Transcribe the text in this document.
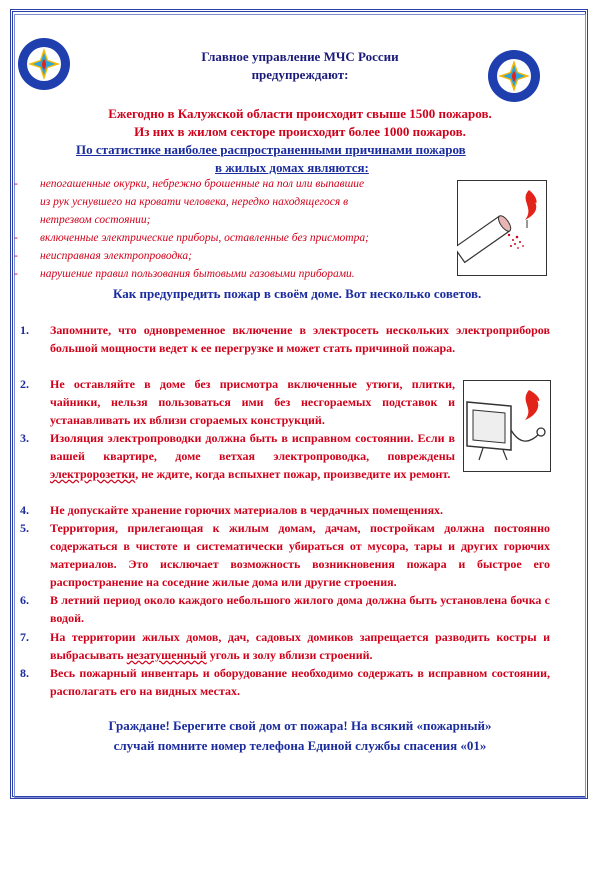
Главное управление МЧС России
предупреждают:
Ежегодно в Калужской области происходит свыше 1500 пожаров.
Из них в жилом секторе происходит более 1000 пожаров.
По статистике наиболее распространенными причинами пожаров
в жилых домах являются:
- непогашенные окурки, небрежно брошенные на пол или выпавшие
из рук уснувшего на кровати человека, нередко находящегося в
нетрезвом состоянии;
- включенные электрические приборы, оставленные без присмотра;
- неисправная электропроводка;
- нарушение правил пользования бытовыми газовыми приборами.
Как предупредить пожар в своём доме. Вот несколько советов.
1. Запомните, что одновременное включение в электросеть нескольких электроприборов большой мощности ведет к ее перегрузке и может стать причиной пожара.
2. Не оставляйте в доме без присмотра включенные утюги, плитки, чайники, нельзя пользоваться ими без несгораемых подставок и устанавливать их вблизи сгораемых конструкций.
3. Изоляция электропроводки должна быть в исправном состоянии. Если в вашей квартире, доме ветхая электропроводка, повреждены электророзетки, не ждите, когда вспыхнет пожар, произведите их ремонт.
4. Не допускайте хранение горючих материалов в чердачных помещениях.
5. Территория, прилегающая к жилым домам, дачам, постройкам должна постоянно содержаться в чистоте и систематически убираться от мусора, тары и других горючих материалов. Это исключает возможность возникновения пожара и быстрое его распространение на соседние жилые дома или другие строения.
6. В летний период около каждого небольшого жилого дома должна быть установлена бочка с водой.
7. На территории жилых домов, дач, садовых домиков запрещается разводить костры и выбрасывать незатушенный уголь и золу вблизи строений.
8. Весь пожарный инвентарь и оборудование необходимо содержать в исправном состоянии, располагать его на видных местах.
Граждане! Берегите свой дом от пожара! На всякий «пожарный»
случай помните номер телефона Единой службы спасения «01»
